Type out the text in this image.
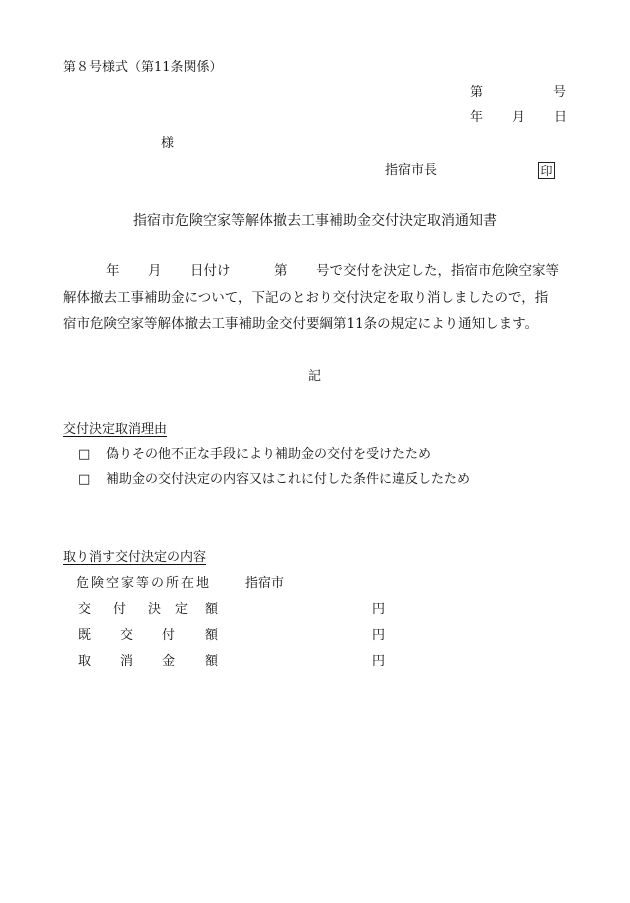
第８号様式（第11条関係）
第	号
年 月 日
様
指宿市長	印
指宿市危険空家等解体撤去工事補助金交付決定取消通知書
年 月 日付け	第 号で交付を決定した，指宿市危険空家等
解体撤去工事補助金について，下記のとおり交付決定を取り消しましたので，指
宿市危険空家等解体撤去工事補助金交付要綱第11条の規定により通知します。
記
交付決定取消理由
□ 偽りその他不正な手段により補助金の交付を受けたため
□ 補助金の交付決定の内容又はこれに付した条件に違反したため
取り消す交付決定の内容
危険空家等の所在地	指宿市
交 付 決 定 額	円
既 交 付 額	円
取 消 金 額	円
